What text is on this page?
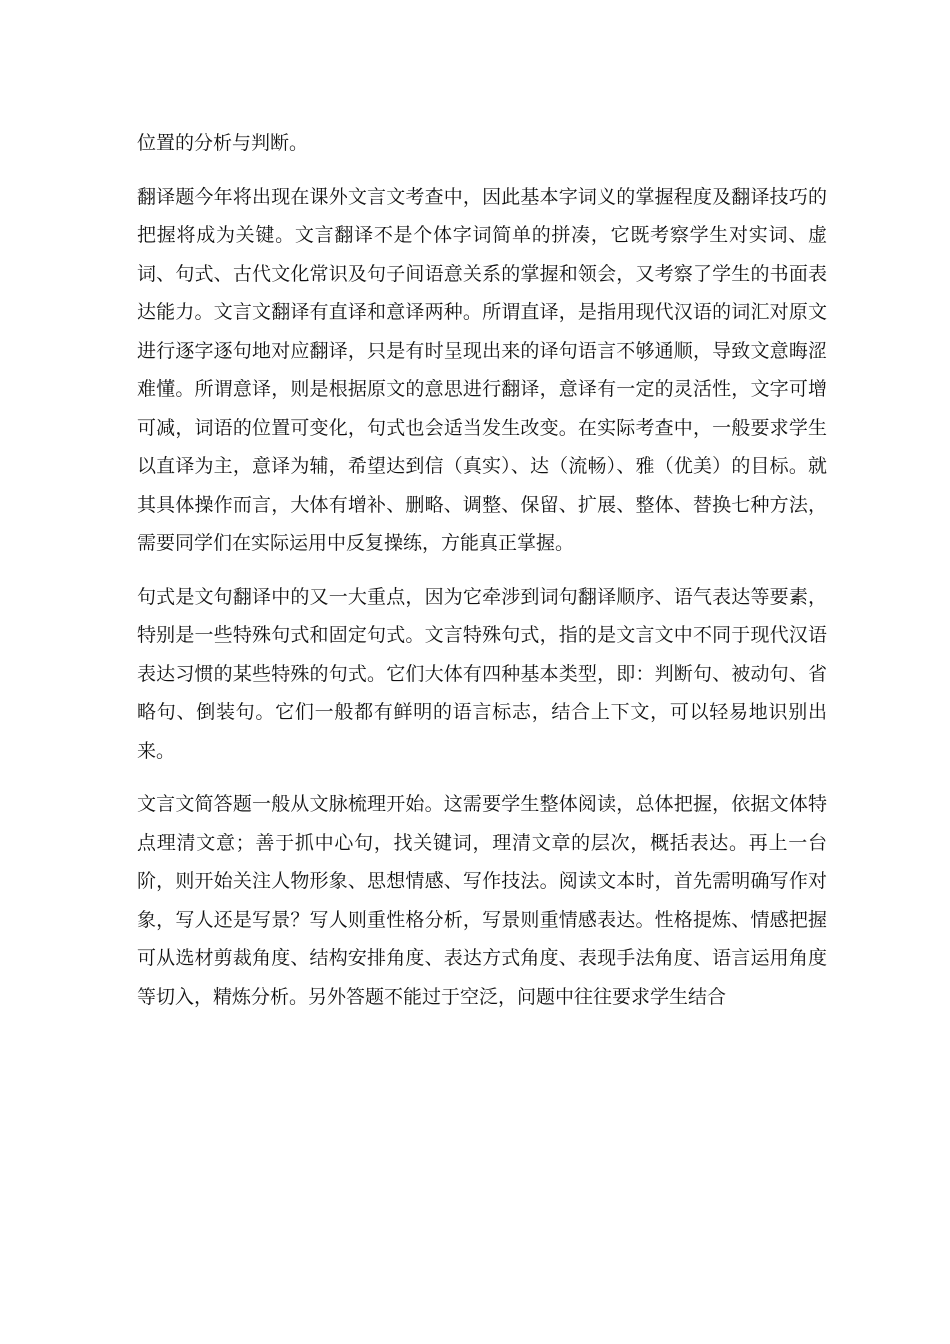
位置的分析与判断。

翻译题今年将出现在课外文言文考查中，因此基本字词义的掌握程度及翻译技巧的把握将成为关键。文言翻译不是个体字词简单的拼凑，它既考察学生对实词、虚词、句式、古代文化常识及句子间语意关系的掌握和领会，又考察了学生的书面表达能力。文言文翻译有直译和意译两种。所谓直译，是指用现代汉语的词汇对原文进行逐字逐句地对应翻译，只是有时呈现出来的译句语言不够通顺，导致文意晦涩难懂。所谓意译，则是根据原文的意思进行翻译，意译有一定的灵活性，文字可增可减，词语的位置可变化，句式也会适当发生改变。在实际考查中，一般要求学生以直译为主，意译为辅，希望达到信（真实）、达（流畅）、雅（优美）的目标。就其具体操作而言，大体有增补、删略、调整、保留、扩展、整体、替换七种方法，需要同学们在实际运用中反复操练，方能真正掌握。

句式是文句翻译中的又一大重点，因为它牵涉到词句翻译顺序、语气表达等要素，特别是一些特殊句式和固定句式。文言特殊句式，指的是文言文中不同于现代汉语表达习惯的某些特殊的句式。它们大体有四种基本类型，即：判断句、被动句、省略句、倒装句。它们一般都有鲜明的语言标志，结合上下文，可以轻易地识别出来。

文言文简答题一般从文脉梳理开始。这需要学生整体阅读，总体把握，依据文体特点理清文意；善于抓中心句，找关键词，理清文章的层次，概括表达。再上一台阶，则开始关注人物形象、思想情感、写作技法。阅读文本时，首先需明确写作对象，写人还是写景？写人则重性格分析，写景则重情感表达。性格提炼、情感把握可从选材剪裁角度、结构安排角度、表达方式角度、表现手法角度、语言运用角度等切入，精炼分析。另外答题不能过于空泛，问题中往往要求学生结合
